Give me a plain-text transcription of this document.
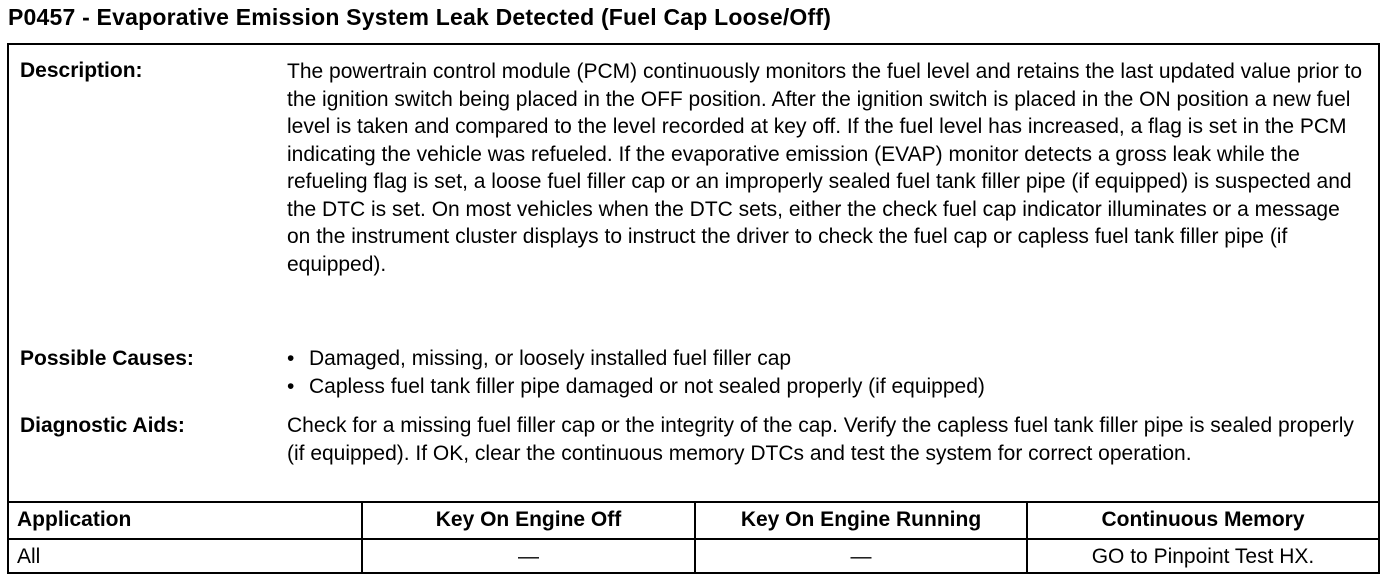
P0457 - Evaporative Emission System Leak Detected (Fuel Cap Loose/Off)
Description:	The powertrain control module (PCM) continuously monitors the fuel level and retains the last updated value prior to the ignition switch being placed in the OFF position. After the ignition switch is placed in the ON position a new fuel level is taken and compared to the level recorded at key off. If the fuel level has increased, a flag is set in the PCM indicating the vehicle was refueled. If the evaporative emission (EVAP) monitor detects a gross leak while the refueling flag is set, a loose fuel filler cap or an improperly sealed fuel tank filler pipe (if equipped) is suspected and the DTC is set. On most vehicles when the DTC sets, either the check fuel cap indicator illuminates or a message on the instrument cluster displays to instruct the driver to check the fuel cap or capless fuel tank filler pipe (if equipped).
Possible Causes:	• Damaged, missing, or loosely installed fuel filler cap
• Capless fuel tank filler pipe damaged or not sealed properly (if equipped)
Diagnostic Aids:	Check for a missing fuel filler cap or the integrity of the cap. Verify the capless fuel tank filler pipe is sealed properly (if equipped). If OK, clear the continuous memory DTCs and test the system for correct operation.
Application	Key On Engine Off	Key On Engine Running	Continuous Memory
All	—	—	GO to Pinpoint Test HX.
